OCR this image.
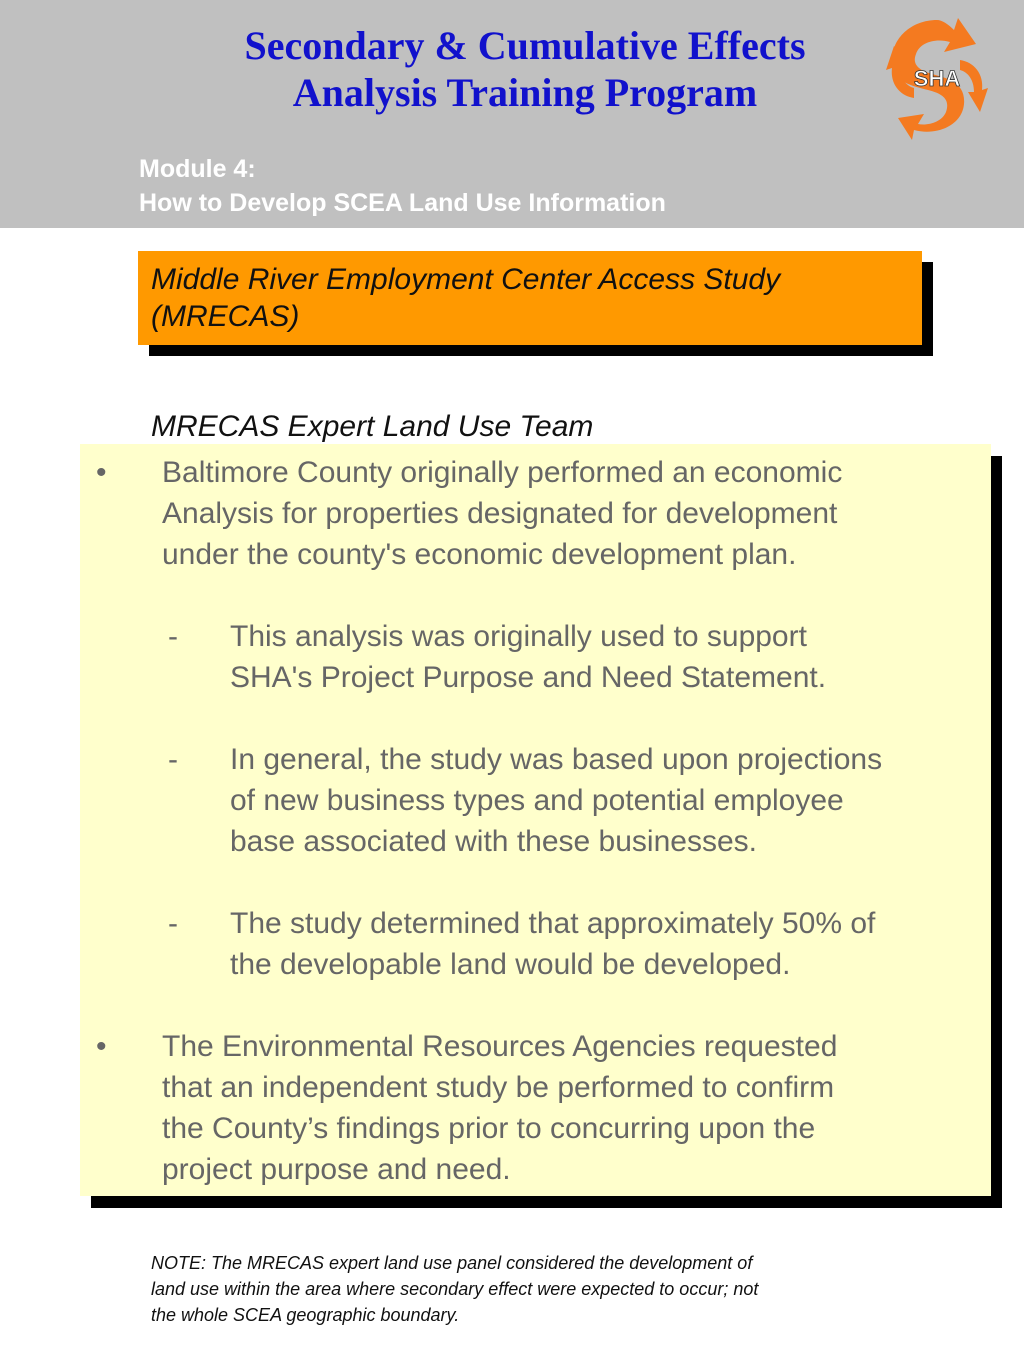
Secondary & Cumulative Effects
Analysis Training Program	SHA
Module 4:
How to Develop SCEA Land Use Information
Middle River Employment Center Access Study
(MRECAS)
MRECAS Expert Land Use Team
• Baltimore County originally performed an economic
Analysis for properties designated for development
under the county's economic development plan.
- This analysis was originally used to support
SHA's Project Purpose and Need Statement.
- In general, the study was based upon projections
of new business types and potential employee
base associated with these businesses.
- The study determined that approximately 50% of
the developable land would be developed.
• The Environmental Resources Agencies requested
that an independent study be performed to confirm
the County’s findings prior to concurring upon the
project purpose and need.
NOTE: The MRECAS expert land use panel considered the development of
land use within the area where secondary effect were expected to occur; not
the whole SCEA geographic boundary.
